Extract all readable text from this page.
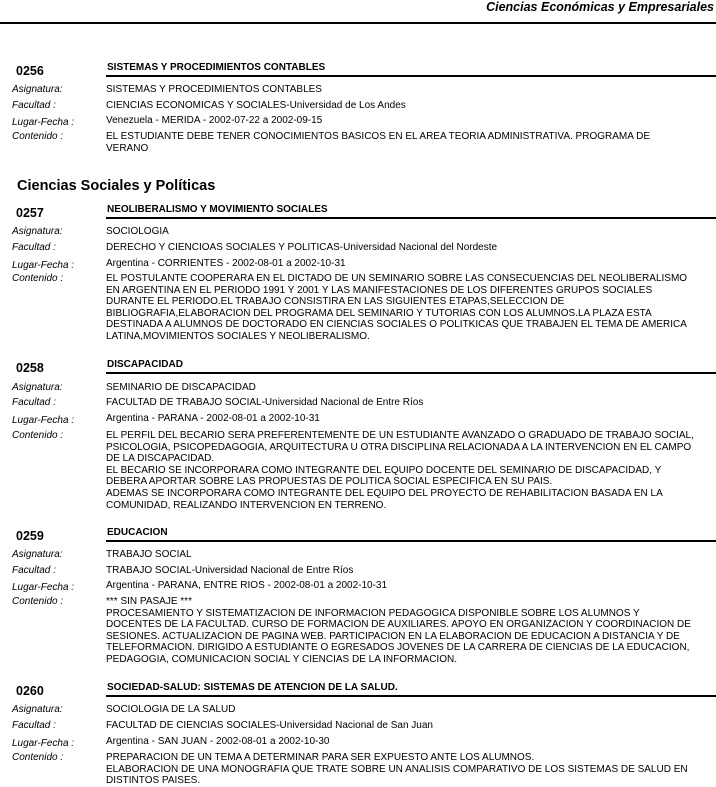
Ciencias Económicas y Empresariales
0256	SISTEMAS Y PROCEDIMIENTOS CONTABLES
Asignatura:	SISTEMAS Y PROCEDIMIENTOS CONTABLES
Facultad :	CIENCIAS ECONOMICAS Y SOCIALES-Universidad de Los Andes
Lugar-Fecha :	Venezuela - MERIDA - 2002-07-22 a 2002-09-15
Contenido :	EL ESTUDIANTE DEBE TENER CONOCIMIENTOS BASICOS EN EL AREA TEORIA ADMINISTRATIVA. PROGRAMA DE
VERANO
Ciencias Sociales y Políticas
0257	NEOLIBERALISMO Y MOVIMIENTO SOCIALES
Asignatura:	SOCIOLOGIA
Facultad :	DERECHO Y CIENCIOAS SOCIALES Y POLITICAS-Universidad Nacional del Nordeste
Lugar-Fecha :	Argentina - CORRIENTES - 2002-08-01 a 2002-10-31
Contenido :	EL POSTULANTE COOPERARA EN EL DICTADO DE UN SEMINARIO SOBRE LAS CONSECUENCIAS DEL NEOLIBERALISMO
EN ARGENTINA EN EL PERIODO 1991 Y 2001 Y LAS MANIFESTACIONES DE LOS DIFERENTES GRUPOS SOCIALES
DURANTE EL PERIODO.EL TRABAJO CONSISTIRA EN LAS SIGUIENTES ETAPAS,SELECCION DE
BIBLIOGRAFIA,ELABORACION DEL PROGRAMA DEL SEMINARIO Y TUTORIAS CON LOS ALUMNOS.LA PLAZA ESTA
DESTINADA A ALUMNOS DE DOCTORADO EN CIENCIAS SOCIALES O POLITKICAS QUE TRABAJEN EL TEMA DE AMERICA
LATINA,MOVIMIENTOS SOCIALES Y NEOLIBERALISMO.
0258	DISCAPACIDAD
Asignatura:	SEMINARIO DE DISCAPACIDAD
Facultad :	FACULTAD DE TRABAJO SOCIAL-Universidad Nacional de Entre Ríos
Lugar-Fecha :	Argentina - PARANA - 2002-08-01 a 2002-10-31
Contenido :	EL PERFIL DEL BECARIO SERA PREFERENTEMENTE DE UN ESTUDIANTE AVANZADO O GRADUADO DE TRABAJO SOCIAL,
PSICOLOGIA, PSICOPEDAGOGIA, ARQUITECTURA U OTRA DISCIPLINA RELACIONADA A LA INTERVENCION EN EL CAMPO
DE LA DISCAPACIDAD.
EL BECARIO SE INCORPORARA COMO INTEGRANTE DEL EQUIPO DOCENTE DEL SEMINARIO DE DISCAPACIDAD, Y
DEBERA APORTAR SOBRE LAS PROPUESTAS DE POLITICA SOCIAL ESPECIFICA EN SU PAIS.
ADEMAS SE INCORPORARA COMO INTEGRANTE DEL EQUIPO DEL PROYECTO DE REHABILITACION BASADA EN LA
COMUNIDAD, REALIZANDO INTERVENCION EN TERRENO.
0259	EDUCACION
Asignatura:	TRABAJO SOCIAL
Facultad :	TRABAJO SOCIAL-Universidad Nacional de Entre Ríos
Lugar-Fecha :	Argentina - PARANA, ENTRE RIOS - 2002-08-01 a 2002-10-31
Contenido :	*** SIN PASAJE ***
PROCESAMIENTO Y SISTEMATIZACION DE INFORMACION PEDAGOGICA DISPONIBLE SOBRE LOS ALUMNOS Y
DOCENTES DE LA FACULTAD. CURSO DE FORMACION DE AUXILIARES. APOYO EN ORGANIZACION Y COORDINACION DE
SESIONES. ACTUALIZACION DE PAGINA WEB. PARTICIPACION EN LA ELABORACION DE EDUCACION A DISTANCIA Y DE
TELEFORMACION. DIRIGIDO A ESTUDIANTE O EGRESADOS JOVENES DE LA CARRERA DE CIENCIAS DE LA EDUCACION,
PEDAGOGIA, COMUNICACION SOCIAL Y CIENCIAS DE LA INFORMACION.
0260	SOCIEDAD-SALUD: SISTEMAS DE ATENCION DE LA SALUD.
Asignatura:	SOCIOLOGIA DE LA SALUD
Facultad :	FACULTAD DE CIENCIAS SOCIALES-Universidad Nacional de San Juan
Lugar-Fecha :	Argentina - SAN JUAN - 2002-08-01 a 2002-10-30
Contenido :	PREPARACION DE UN TEMA A DETERMINAR PARA SER EXPUESTO ANTE LOS ALUMNOS.
ELABORACION DE UNA MONOGRAFIA QUE TRATE SOBRE UN ANALISIS COMPARATIVO DE LOS SISTEMAS DE SALUD EN
DISTINTOS PAISES.
